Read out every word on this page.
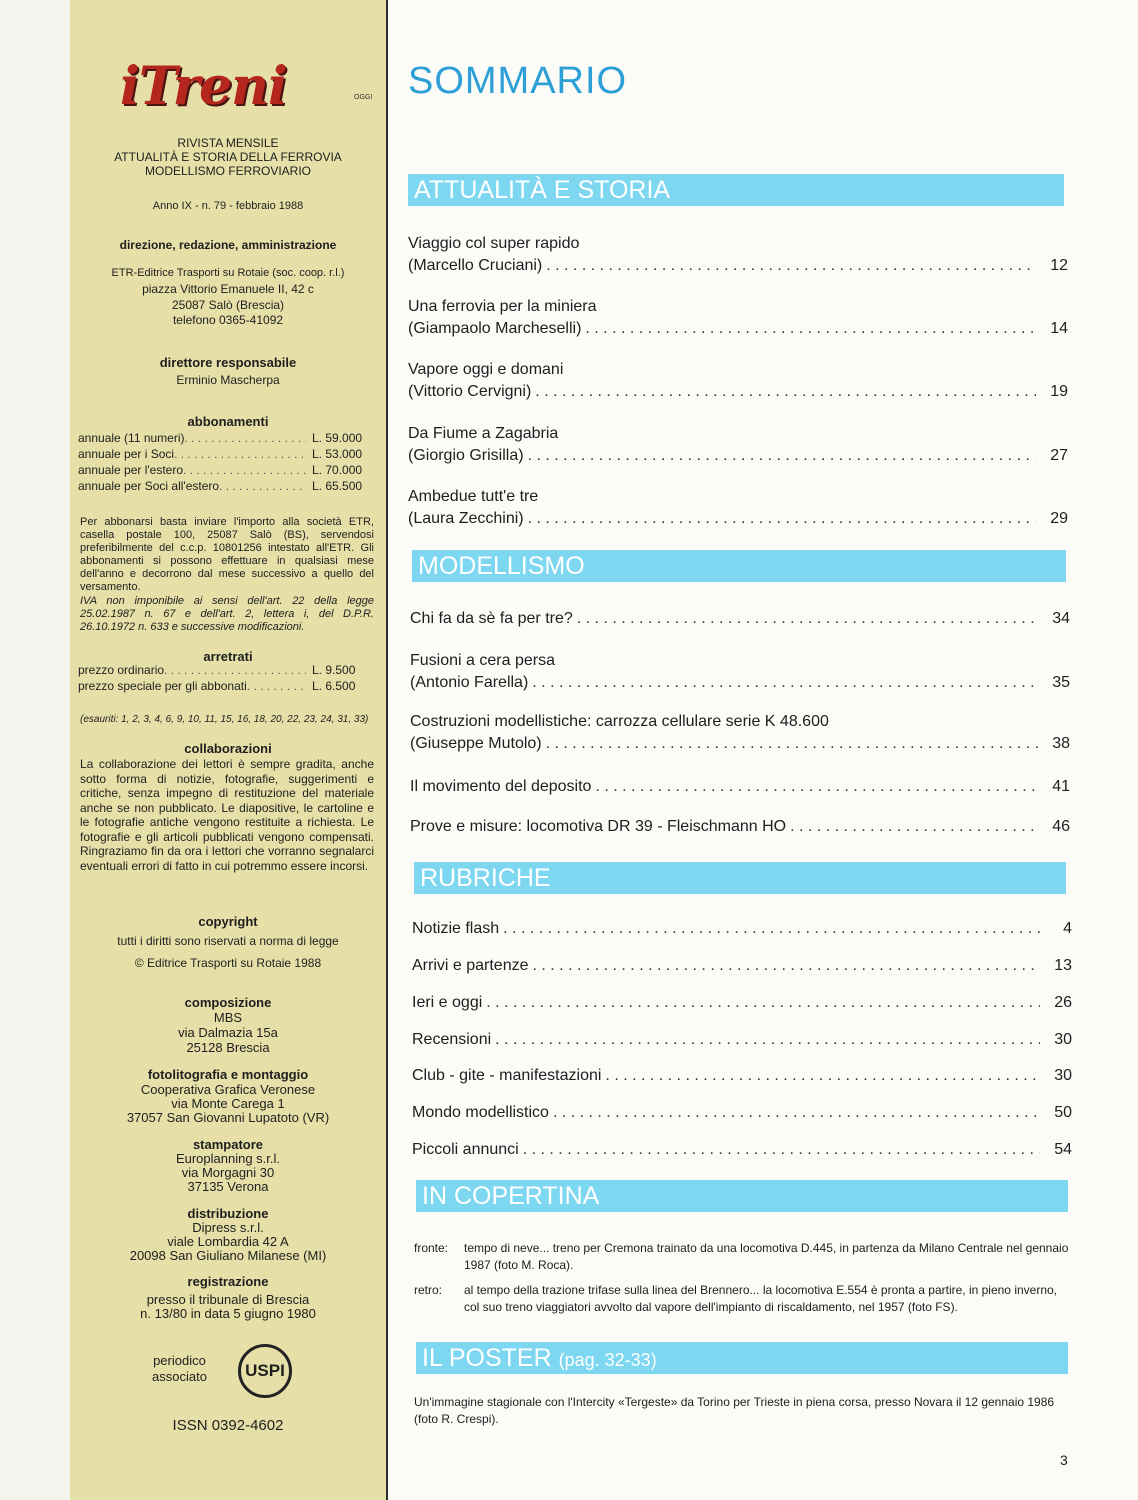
iTreni	OGGI
RIVISTA MENSILE
ATTUALITÀ E STORIA DELLA FERROVIA
MODELLISMO FERROVIARIO
Anno IX - n. 79 - febbraio 1988
direzione, redazione, amministrazione
ETR-Editrice Trasporti su Rotaie (soc. coop. r.l.)
piazza Vittorio Emanuele II, 42 c
25087 Salò (Brescia)
telefono 0365-41092
direttore responsabile
Erminio Mascherpa
abbonamenti
annuale (11 numeri) . . .	L. 59.000
annuale per i Soci . . .	L. 53.000
annuale per l'estero . . .	L. 70.000
annuale per Soci all'estero . . .	L. 65.500
Per abbonarsi basta inviare l'importo alla società ETR, casella postale 100, 25087 Salò (BS), servendosi preferibilmente del c.c.p. 10801256 intestato all'ETR. Gli abbonamenti si possono effettuare in qualsiasi mese dell'anno e decorrono dal mese successivo a quello del versamento.
IVA non imponibile ai sensi dell'art. 22 della legge 25.02.1987 n. 67 e dell'art. 2, lettera i, del D.P.R. 26.10.1972 n. 633 e successive modificazioni.
arretrati
prezzo ordinario . . .	L. 9.500
prezzo speciale per gli abbonati . . .	L. 6.500
(esauriti: 1, 2, 3, 4, 6, 9, 10, 11, 15, 16, 18, 20, 22, 23, 24, 31, 33)
collaborazioni
La collaborazione dei lettori è sempre gradita, anche sotto forma di notizie, fotografie, suggerimenti e critiche, senza impegno di restituzione del materiale anche se non pubblicato. Le diapositive, le cartoline e le fotografie antiche vengono restituite a richiesta. Le fotografie e gli articoli pubblicati vengono compensati. Ringraziamo fin da ora i lettori che vorranno segnalarci eventuali errori di fatto in cui potremmo essere incorsi.
copyright
tutti i diritti sono riservati a norma di legge
© Editrice Trasporti su Rotaie 1988
composizione
MBS
via Dalmazia 15a
25128 Brescia
fotolitografia e montaggio
Cooperativa Grafica Veronese
via Monte Carega 1
37057 San Giovanni Lupatoto (VR)
stampatore
Europlanning s.r.l.
via Morgagni 30
37135 Verona
distribuzione
Dipress s.r.l.
viale Lombardia 42 A
20098 San Giuliano Milanese (MI)
registrazione
presso il tribunale di Brescia
n. 13/80 in data 5 giugno 1980
periodico
associato	USPI
ISSN 0392-4602
SOMMARIO
ATTUALITÀ E STORIA
Viaggio col super rapido
(Marcello Cruciani) . . .	12
Una ferrovia per la miniera
(Giampaolo Marcheselli) . . .	14
Vapore oggi e domani
(Vittorio Cervigni) . . .	19
Da Fiume a Zagabria
(Giorgio Grisilla) . . .	27
Ambedue tutt'e tre
(Laura Zecchini) . . .	29
MODELLISMO
Chi fa da sè fa per tre? . . .	34
Fusioni a cera persa
(Antonio Farella) . . .	35
Costruzioni modellistiche: carrozza cellulare serie K 48.600
(Giuseppe Mutolo) . . .	38
Il movimento del deposito . . .	41
Prove e misure: locomotiva DR 39 - Fleischmann HO . . .	46
RUBRICHE
Notizie flash . . .	4
Arrivi e partenze . . .	13
Ieri e oggi . . .	26
Recensioni . . .	30
Club - gite - manifestazioni . . .	30
Mondo modellistico . . .	50
Piccoli annunci . . .	54
IN COPERTINA
fronte: tempo di neve... treno per Cremona trainato da una locomotiva D.445, in partenza da Milano Centrale nel gennaio 1987 (foto M. Roca).
retro: al tempo della trazione trifase sulla linea del Brennero... la locomotiva E.554 è pronta a partire, in pieno inverno, col suo treno viaggiatori avvolto dal vapore dell'impianto di riscaldamento, nel 1957 (foto FS).
IL POSTER (pag. 32-33)
Un'immagine stagionale con l'Intercity «Tergeste» da Torino per Trieste in piena corsa, presso Novara il 12 gennaio 1986 (foto R. Crespi).
3
